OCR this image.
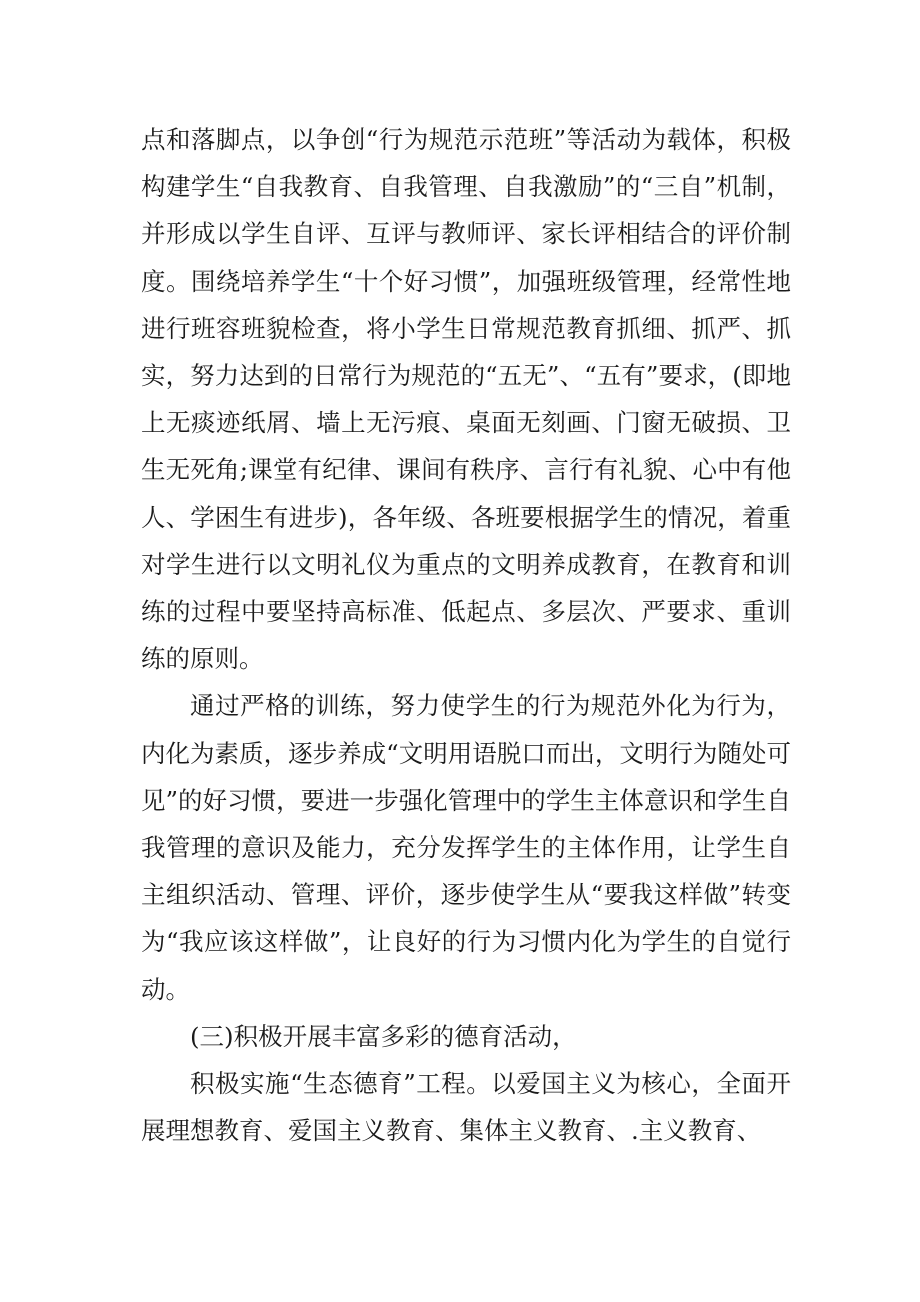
点和落脚点，以争创“行为规范示范班”等活动为载体，积极构建学生“自我教育、自我管理、自我激励”的“三自”机制，并形成以学生自评、互评与教师评、家长评相结合的评价制度。围绕培养学生“十个好习惯”，加强班级管理，经常性地进行班容班貌检查，将小学生日常规范教育抓细、抓严、抓实，努力达到的日常行为规范的“五无”、“五有”要求，(即地上无痰迹纸屑、墙上无污痕、桌面无刻画、门窗无破损、卫生无死角;课堂有纪律、课间有秩序、言行有礼貌、心中有他人、学困生有进步)，各年级、各班要根据学生的情况，着重对学生进行以文明礼仪为重点的文明养成教育，在教育和训练的过程中要坚持高标准、低起点、多层次、严要求、重训练的原则。

通过严格的训练，努力使学生的行为规范外化为行为，内化为素质，逐步养成“文明用语脱口而出，文明行为随处可见”的好习惯，要进一步强化管理中的学生主体意识和学生自我管理的意识及能力，充分发挥学生的主体作用，让学生自主组织活动、管理、评价，逐步使学生从“要我这样做”转变为“我应该这样做”，让良好的行为习惯内化为学生的自觉行动。

(三)积极开展丰富多彩的德育活动，

积极实施“生态德育”工程。以爱国主义为核心，全面开展理想教育、爱国主义教育、集体主义教育、.主义教育、
